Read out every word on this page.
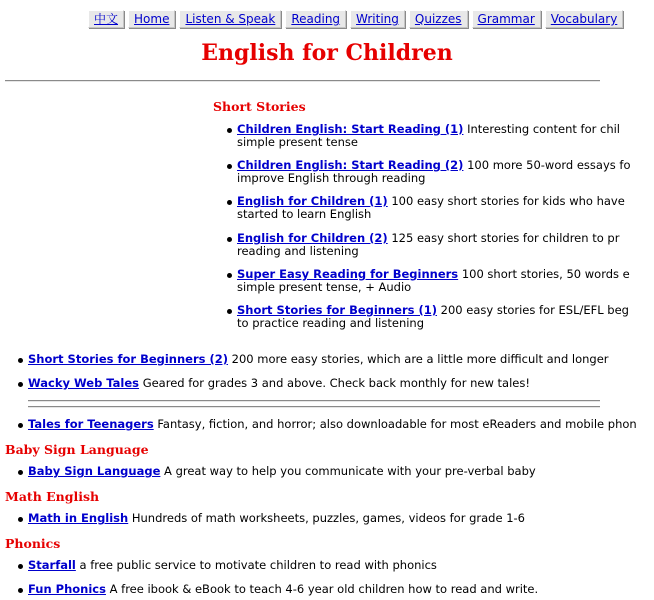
中文	Home	Listen & Speak	Reading	Writing	Quizzes	Grammar	Vocabulary
English for Children
Short Stories
Children English: Start Reading (1) Interesting content for chil
simple present tense
Children English: Start Reading (2) 100 more 50-word essays fo
improve English through reading
English for Children (1) 100 easy short stories for kids who have
started to learn English
English for Children (2) 125 easy short stories for children to pr
reading and listening
Super Easy Reading for Beginners 100 short stories, 50 words e
simple present tense, + Audio
Short Stories for Beginners (1) 200 easy stories for ESL/EFL beg
to practice reading and listening
Short Stories for Beginners (2) 200 more easy stories, which are a little more difficult and longer
Wacky Web Tales Geared for grades 3 and above. Check back monthly for new tales!
Tales for Teenagers Fantasy, fiction, and horror; also downloadable for most eReaders and mobile phon
Baby Sign Language
Baby Sign Language A great way to help you communicate with your pre-verbal baby
Math English
Math in English Hundreds of math worksheets, puzzles, games, videos for grade 1-6
Phonics
Starfall a free public service to motivate children to read with phonics
Fun Phonics A free ibook & eBook to teach 4-6 year old children how to read and write.
